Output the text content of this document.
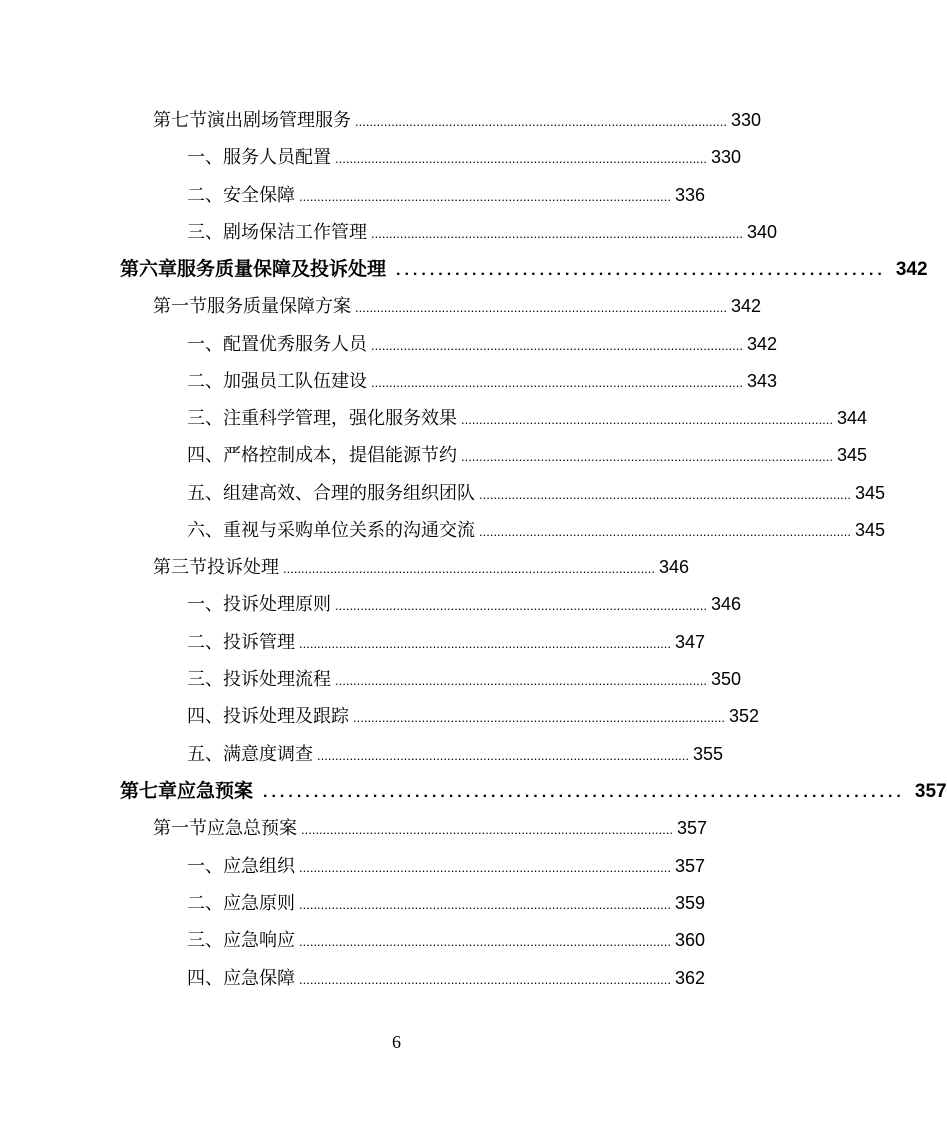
第七节 演出剧场管理服务 ....................................................................................................... 330
一、 服务人员配置 ....................................................................................................... 330
二、 安全保障 ....................................................................................................... 336
三、 剧场保洁工作管理 ....................................................................................................... 340
第六章 服务质量保障及投诉处理 .......................................................... 342
第一节 服务质量保障方案 ....................................................................................................... 342
一、 配置优秀服务人员 ....................................................................................................... 342
二、 加强员工队伍建设 ....................................................................................................... 343
三、 注重科学管理，强化服务效果 ....................................................................................................... 344
四、 严格控制成本，提倡能源节约 ....................................................................................................... 345
五、 组建高效、合理的服务组织团队 ....................................................................................................... 345
六、 重视与采购单位关系的沟通交流 ....................................................................................................... 345
第三节 投诉处理 ....................................................................................................... 346
一、 投诉处理原则 ....................................................................................................... 346
二、 投诉管理 ....................................................................................................... 347
三、 投诉处理流程 ....................................................................................................... 350
四、 投诉处理及跟踪 ....................................................................................................... 352
五、 满意度调查 ....................................................................................................... 355
第七章 应急预案 ............................................................................ 357
第一节 应急总预案 ....................................................................................................... 357
一、 应急组织 ....................................................................................................... 357
二、 应急原则 ....................................................................................................... 359
三、 应急响应 ....................................................................................................... 360
四、 应急保障 ....................................................................................................... 362
6
